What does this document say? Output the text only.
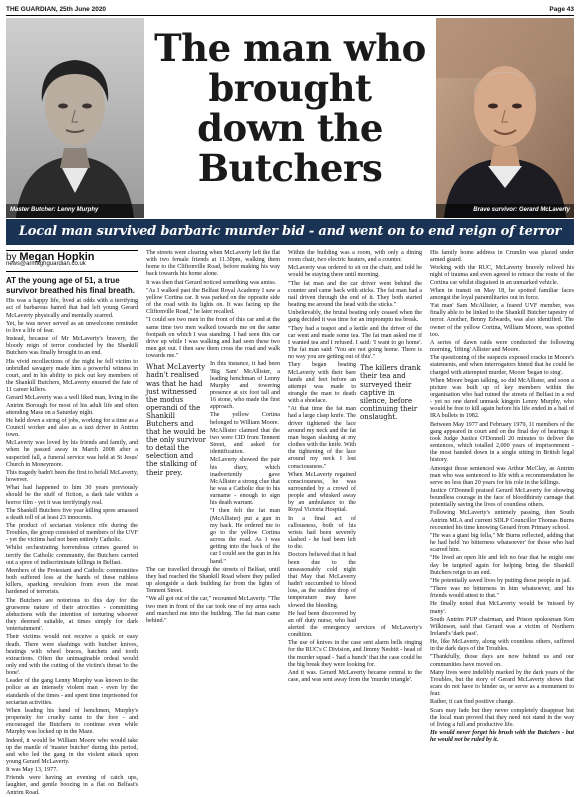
THE GUARDIAN, 25th June 2020	Page 43
Master Butcher: Lenny Murphy
The man who brought down the Butchers
Brave survivor: Gerard McLaverty
Local man survived barbaric murder bid - and went on to end reign of terror
by Megan Hopkin
news@armaghguardian.co.uk
AT the young age of 51, a true survivor breathed his final breath.

His was a happy life, lived at odds with a terrifying act of barbarous hatred that had left young Gerard McLaverty physically and mentally scarred.

Yet, he was never served as an unwelcome reminder to live a life of fear.

Instead, because of Mr McLaverty's bravery, the bloody reign of terror conducted by the Shankill Butchers was finally brought to an end.

His vivid recollections of the night he fell victim to unbridled savagery made him a powerful witness in court, and in his ability to pick out key members of the Shankill Butchers, McLaverty ensured the fate of 11 career killers.

Gerard McLaverty was a well liked man, living in the Antrim Borough for most of his adult life and often attending Mass on a Saturday night.

He held down a string of jobs, working for a time as a Council worker and also as a taxi driver in Antrim town.

McLaverty was loved by his friends and family, and when he passed away in March 2008 after a suspected fall, a funeral service was held at St Jesus' Church in Moneymore.

This tragedy hadn't been the first to befall McLaverty, however.

What had happened to him 30 years previously should be the stuff of fiction, a dark tale within a horror film - yet it was terrifyingly real.

The Shankill Butchers five year killing spree amassed a death toll of at least 23 innocents.

The product of sectarian violence rife during the Troubles, the group consisted of members of the UVF - yet the victims had not been entirely Catholic.

Whilst orchestrating horrendous crimes geared to terrify the Catholic community, the Butchers carried out a spree of indiscriminate killings in Belfast.

Members of the Protestant and Catholic communities both suffered loss at the hands of these ruthless killers, sparking revulsion from even the most hardened of terrorists.

The Butchers are notorious to this day for the gruesome nature of their atrocities - committing abductions with the intention of torturing whoever they deemed suitable, at times simply for dark 'entertainment'.

Their victims would not receive a quick or easy death. There were slashings with butcher knives, beatings with wheel braces, hatchets and tooth extractions. Often the unimaginable ordeal would only end with the cutting of the victim's throat 'to the bone'.

Leader of the gang Lenny Murphy was known to the police as an intensely violent man - even by the standards of the times - and spent time imprisoned for sectarian activities.

When leading his band of henchmen, Murphy's propensity for cruelty came to the fore - and encouraged the Butchers to continue even while Murphy was locked up in the Maze.

Indeed, it would be William Moore who would take up the mantle of 'master butcher' during this period, and who led the gang in the violent attack upon young Gerard McLaverty.

It was May 13, 1977.

Friends were having an evening of catch ups, laughter, and gentle boozing in a flat on Belfast's Antrim Road.

The streets were clearing when McLaverty left the flat with two female friends at 11.30pm, walking them home to the Cliftonville Road, before making his way back towards his home alone.

It was then that Gerard noticed something was amiss.

"As I walked past the Belfast Royal Academy I saw a yellow Cortina car. It was parked on the opposite side of the road with its lights on. It was facing up the Cliftonville Road," he later recalled.

"I could see two men in the front of this car and at the same time two men walked towards me on the same footpath on which I was standing. I had seen this car drive up while I was walking and had seen these two men get out. I then saw them cross the road and walk towards me."

What McLaverty hadn't realised was that he had just witnessed the modus operandi of the Shankill Butchers and that he would be the only survivor to detail the selection and the stalking of their prey.

In this instance, it had been 'Big Sam' McAllister, a leading henchman of Lenny Murphy and towering presence at six foot tall and 16 stone, who made the first approach.

The yellow Cortina belonged to William Moore.

McAllister claimed that the two were CID from Tennent Street, and asked for identification.

McLaverty showed the pair his diary, which inadvertently gave McAllister a strong clue that he was a Catholic due to his surname - enough to sign his death warrant.

"I then felt the fat man (McAllister) put a gun in my back. He ordered me to go to the yellow Cortina across the road. As I was getting into the back of the car I could see the gun in his hand."

The car travelled through the streets of Belfast, until they had reached the Shankill Road where they pulled up alongside a dark building far from the lights of Tennent Street.

"We all got out of the car," recounted McLaverty. "The two men in front of the car took one of my arms each and marched me into the building. The fat man came behind."

Within the building was a room, with only a dining room chair, two electric heaters, and a counter.

McLaverty was ordered to sit on the chair, and told he would be staying there until morning.

"The fat man and the car driver went behind the counter and came back with sticks. The fat man had a nail driven through the end of it. They both started beating me around the head with the sticks."

Unbelievably, the brutal beating only ceased when the gang decided it was time for an impromptu tea break.

"They had a teapot and a kettle and the driver of the car went and made some tea. The fat man asked me if I wanted tea and I refused. I said: 'I want to go home'. The fat man said: 'You are not going home. There is no way you are getting out of this'."

The killers drank their tea and surveyed their captive in silence, before continuing their onslaught.

They began beating McLaverty with their bare hands and feet before an attempt was made to strangle the man to death with a shoelace.

"At that time the fat man had a large clasp knife. The driver tightened the lace around my neck and the fat man began slashing at my clothes with the knife. With the tightening of the lace around my neck I lost consciousness."

When McLaverty regained consciousness, he was surrounded by a crowd of people and whisked away by an ambulance to the Royal Victoria Hospital.

In a final act of callousness, both of his wrists had been severely slashed - he had been left to die.

Doctors believed that it had been due to the unseasonably cold night that May that McLaverty hadn't succumbed to blood loss, as the sudden drop of temperature may have slowed the bleeding.

He had been discovered by an off duty nurse, who had alerted the emergency services of McLaverty's condition.

The use of knives in the case sent alarm bells ringing for the RUC's C Division, and Jimmy Nesbitt - head of the murder squad - 'had a hunch' that the case could be the big break they were looking for.

And it was. Gerard McLaverty became central to the case, and was sent away from the 'murder triangle'.

His family home address in Crumlin was placed under armed guard.

Working with the RUC, McLaverty bravely relived his night of trauma and even agreed to retrace the route of the Cortina car whilst disguised in an unmarked vehicle.

When in transit on May 18, he spotted familiar faces amongst the loyal paramilitaries out in force.

'Fat man' Sam McAllister, a feared UVF member, was finally able to be linked to the Shankill Butcher tapestry of terror. Another, Benny Edwards, was also identified. The owner of the yellow Cortina, William Moore, was spotted too.

A series of dawn raids were conducted the following morning, 'lifting' Allister and Moore.

The questioning of the suspects exposed cracks in Moore's statements, and when interrogators hinted that he could be charged with attempted murder, Moore 'began to sing'.

When Moore began talking, so did McAllister, and soon a picture was built up of key members within the organisation who had ruined the streets of Belfast in a red - yet no one dared unmask kingpin Lenny Murphy, who would be free to kill again before his life ended in a hail of IRA bullets in 1982.

Between May 1977 and February 1979, 11 members of the gang appeared in court and on the final day of hearings it took Judge Justice O'Donnell 20 minutes to deliver the sentences, which totalled 2,000 years of imprisonment - the most handed down in a single sitting in British legal history.

Amongst those sentenced was Arthur McClay, as Antrim man who was sentenced to life with a recommendation he serve no less than 20 years for his role in the killings.

Justice O'Donnell praised Gerard McLaverty for showing boundless courage in the face of bloodthirsty carnage that potentially saving the lives of countless others.

Following McLaverty's untimely passing, then South Antrim MLA and current SDLP Councillor Thomas Burns recounted his time knowing Gerard from Primary school.

"He was a giant big fella," Mr Burns reflected, adding that he had held 'no bitterness whatsoever' for those who had scarred him.

"He lived an open life and felt no fear that he might one day be targeted again for helping bring the Shankill Butchers reign to an end.

"He potentially saved lives by putting those people in jail.

"There was no bitterness in him whatsoever, and his friends would attest to that."

He finally noted that McLaverty would be 'missed by many'.

South Antrim PUP chairman, and Prison spokesman Ken Wilkinson, said that Gerard was a victim of Northern Ireland's 'dark past'.

He, like McLaverty, along with countless others, suffered in the dark days of the Troubles.

"Thankfully, those days are now behind us and our communities have moved on.

Many lives were indelibly marked by the dark years of the Troubles, but the story of Gerard McLaverty shows that scars do not have to hinder us, or serve as a monument to fear.

Rather, it can find positive change.

Scars may fade but they never completely disappear but the local man proved that they need not stand in the way of living a full and productive life.

He would never forget his brush with the Butchers - but he would not be ruled by it.
